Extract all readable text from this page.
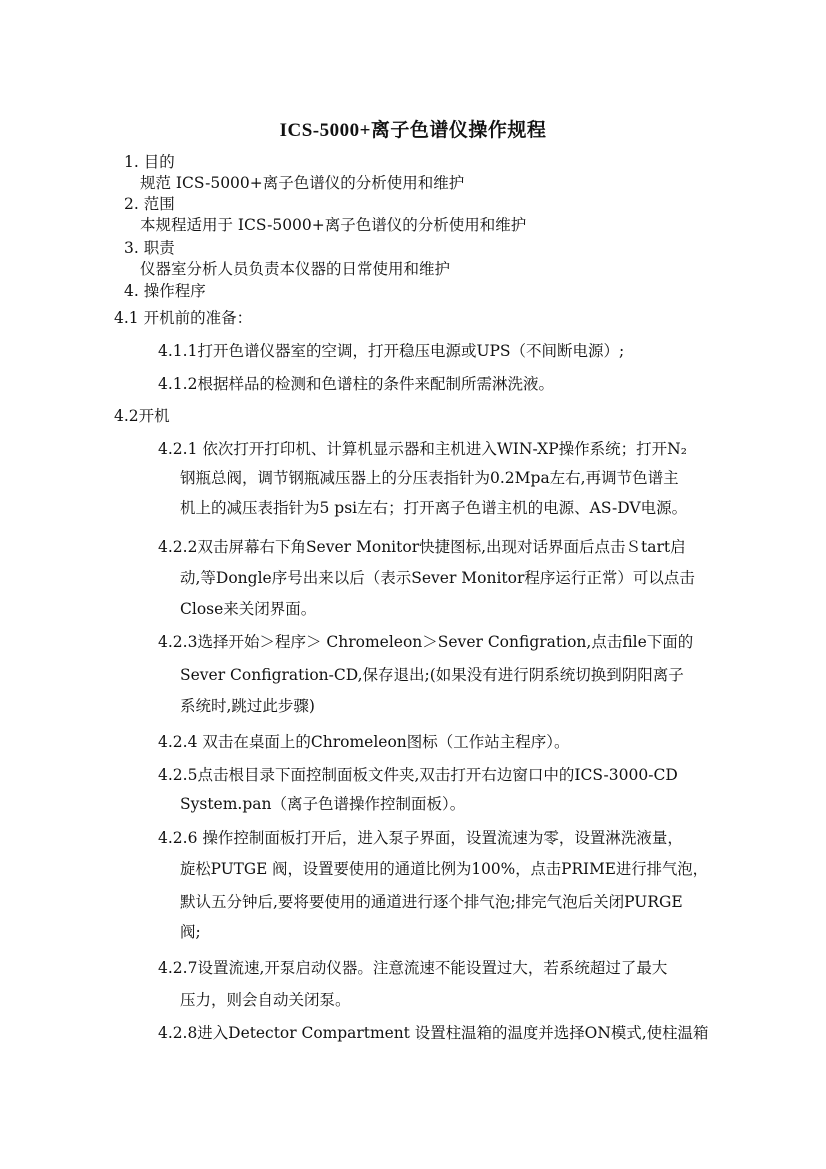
ICS-5000+离子色谱仪操作规程
1. 目的
规范 ICS-5000+离子色谱仪的分析使用和维护
2. 范围
本规程适用于 ICS-5000+离子色谱仪的分析使用和维护
3. 职责
仪器室分析人员负责本仪器的日常使用和维护
4. 操作程序
4.1 开机前的准备：
4.1.1打开色谱仪器室的空调，打开稳压电源或UPS（不间断电源）;
4.1.2根据样品的检测和色谱柱的条件来配制所需淋洗液。
4.2开机
4.2.1 依次打开打印机、计算机显示器和主机进入WIN-XP操作系统；打开N₂
钢瓶总阀，调节钢瓶减压器上的分压表指针为0.2Mpa左右,再调节色谱主
机上的减压表指针为5 psi左右；打开离子色谱主机的电源、AS-DV电源。
4.2.2双击屏幕右下角Sever Monitor快捷图标,出现对话界面后点击Ｓtart启
动,等Dongle序号出来以后（表示Sever Monitor程序运行正常）可以点击
Close来关闭界面。
4.2.3选择开始＞程序＞ Chromeleon＞Sever Configration,点击file下面的
Sever Configration-CD,保存退出;(如果没有进行阴系统切换到阴阳离子
系统时,跳过此步骤)
4.2.4 双击在桌面上的Chromeleon图标（工作站主程序）。
4.2.5点击根目录下面控制面板文件夹,双击打开右边窗口中的ICS-3000-CD
System.pan（离子色谱操作控制面板）。
4.2.6 操作控制面板打开后，进入泵子界面，设置流速为零，设置淋洗液量，
旋松PUTGE 阀，设置要使用的通道比例为100%，点击PRIME进行排气泡，
默认五分钟后,要将要使用的通道进行逐个排气泡;排完气泡后关闭PURGE
阀;
4.2.7设置流速,开泵启动仪器。注意流速不能设置过大，若系统超过了最大
压力，则会自动关闭泵。
4.2.8进入Detector Compartment 设置柱温箱的温度并选择ON模式,使柱温箱
